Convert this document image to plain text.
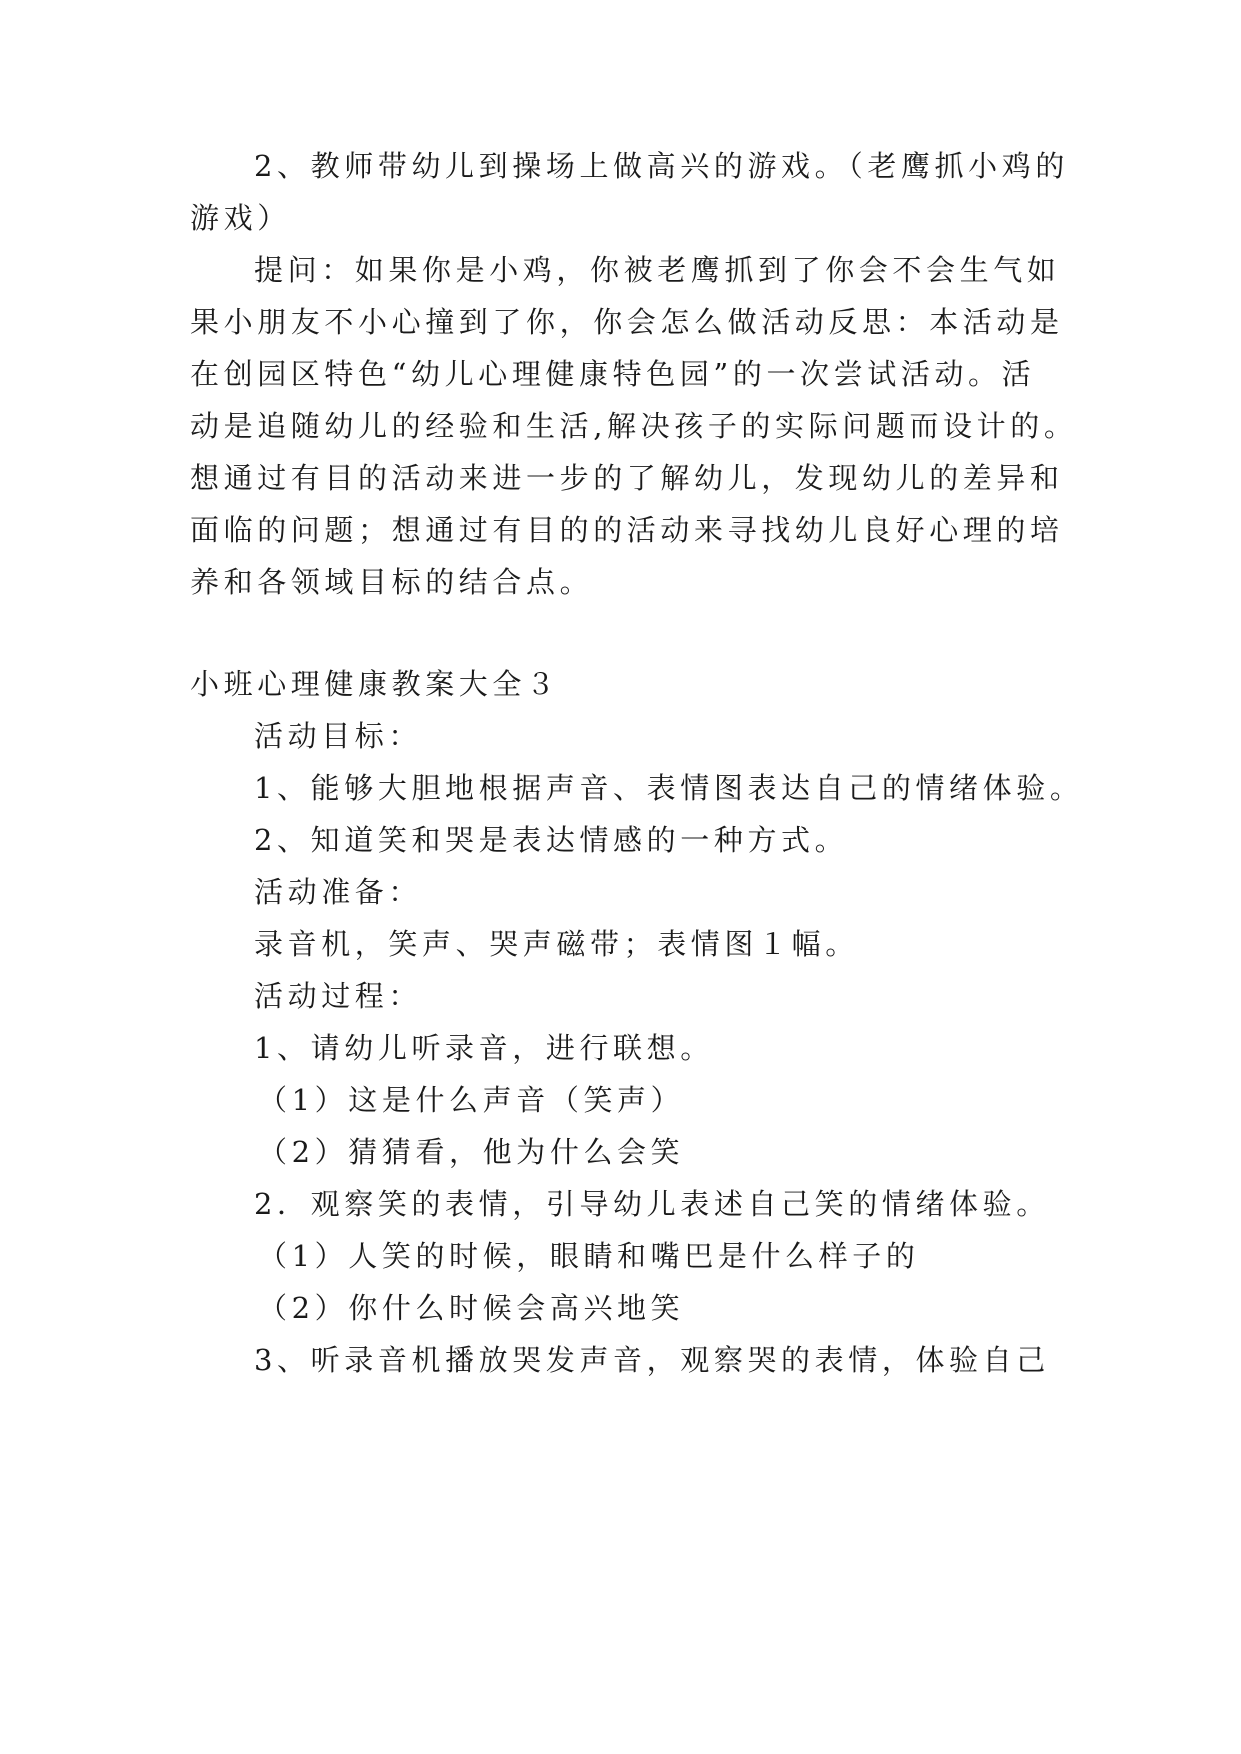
2、教师带幼儿到操场上做高兴的游戏。（老鹰抓小鸡的
游戏）
提问：如果你是小鸡，你被老鹰抓到了你会不会生气如
果小朋友不小心撞到了你，你会怎么做活动反思：本活动是
在创园区特色“幼儿心理健康特色园”的一次尝试活动。活
动是追随幼儿的经验和生活,解决孩子的实际问题而设计的。
想通过有目的活动来进一步的了解幼儿，发现幼儿的差异和
面临的问题；想通过有目的的活动来寻找幼儿良好心理的培
养和各领域目标的结合点。
小班心理健康教案大全３
活动目标：
1、能够大胆地根据声音、表情图表达自己的情绪体验。
2、知道笑和哭是表达情感的一种方式。
活动准备：
录音机，笑声、哭声磁带；表情图１幅。
活动过程：
1、请幼儿听录音，进行联想。
（1）这是什么声音（笑声）
（2）猜猜看，他为什么会笑
2．观察笑的表情，引导幼儿表述自己笑的情绪体验。
（1）人笑的时候，眼睛和嘴巴是什么样子的
（2）你什么时候会高兴地笑
3、听录音机播放哭发声音，观察哭的表情，体验自己
